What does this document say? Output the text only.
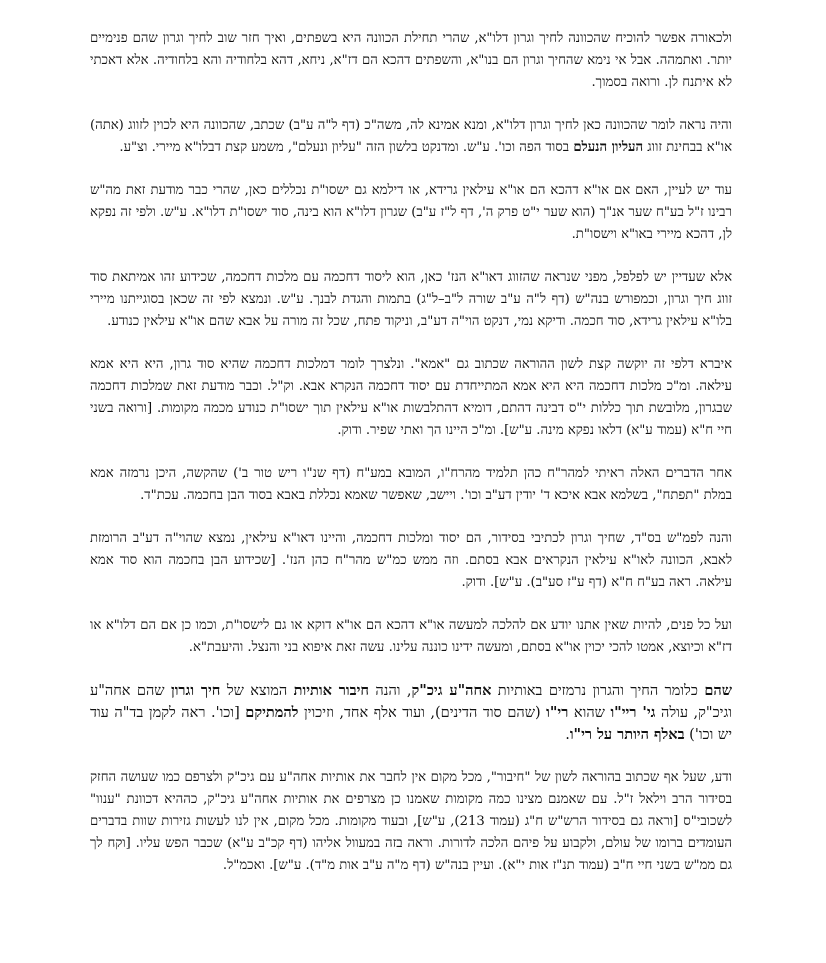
ולכאורה אפשר להוכיח שהכוונה לחיך וגרון דלו"א, שהרי תחילת הכוונה היא בשפתים, ואיך חזר שוב לחיך וגרון שהם פנימיים יותר. ואתמהה. אבל אי נימא שהחיך וגרון הם בנו"א, והשפתים דהכא הם דז"א, ניחא, דהא בלחודיה והא בלחודיה. אלא דאכתי לא איתנח לן. ורואה בסמוך.

והיה נראה לומר שהכוונה כאן לחיך וגרון דלו"א, ומנא אמינא לה, משה"כ (דף ל"ה ע"ב) שכתב, שהכוונה היא לכוין לזווג (אתה) או"א בבחינת זווג העליון הנעלם בסוד הפה וכו'. ע"ש. ומדנקט בלשון הזה "עליון ונעלם", משמע קצת דבלו"א מיירי. וצ"ע.

עוד יש לעיין, האם אם או"א דהכא הם או"א עילאין גרידא, או דילמא גם ישסו"ת נכללים כאן, שהרי כבר מודעת זאת מה"ש רבינו ז"ל בע"ח שער אנ"ך (הוא שער י"ט פרק ה', דף ל"ז ע"ב) שגרון דלו"א הוא בינה, סוד ישסו"ת דלו"א. ע"ש. ולפי זה נפקא לן, דהכא מיירי באו"א וישסו"ת.

אלא שעדיין יש לפלפל, מפני שנראה שהזווג דאו"א הנז' כאן, הוא ליסוד דחכמה עם מלכות דחכמה, שכידוע זהו אמיתאת סוד זווג חיך וגרון, וכמפורש בנה"ש (דף ל"ה ע"ב שורה ל"ב–ל"ג) בתמות והגדת לבנך. ע"ש. ונמצא לפי זה שכאן בסוגייתנו מיירי בלו"א עילאין גרידא, סוד חכמה. ודיקא נמי, דנקט הוי"ה דע"ב, וניקוד פתח, שכל זה מורה על אבא שהם או"א עילאין כנודע.

איברא דלפי זה יוקשה קצת לשון ההוראה שכתוב גם "אמא". ונלצרך לומר דמלכות דחכמה שהיא סוד גרון, היא היא אמא עילאה. ומ"כ מלכות דחכמה היא היא אמא המתייחדת עם יסוד דחכמה הנקרא אבא. וק"ל. וכבר מודעת זאת שמלכות דחכמה שבגרון, מלובשת תוך כללות י"ס דבינה דהתם, דומיא דהתלבשות או"א עילאין תוך ישסו"ת כנודע מכמה מקומות. [ורואה בשני חיי ח"א (עמוד ע"א) דלאו נפקא מינה. ע"ש]. ומ"כ היינו הך ואתי שפיר. ודוק.

אחר הדברים האלה ראיתי למהר"ח כהן תלמיד מהרח"ו, המובא במע"ח (דף שנ"ו ריש טור ב') שהקשה, היכן נרמזה אמא במלת "תפתח", בשלמא אבא איכא ד' יודין דע"ב וכו'. ויישב, שאפשר שאמא נכללת באבא בסוד הבן בחכמה. עכת"ד.

והנה לפמ"ש בס"ד, שחיך וגרון לכתיבי בסידור, הם יסוד ומלכות דחכמה, והיינו דאו"א עילאין, נמצא שהוי"ה דע"ב הרומזת לאבא, הכוונה לאו"א עילאין הנקראים אבא בסתם. וזה ממש כמ"ש מהר"ח כהן הנז'. [שכידוע הבן בחכמה הוא סוד אמא עילאה. ראה בע"ח ח"א (דף ע"ז סע"ב). ע"ש]. ודוק.

ועל כל פנים, להיות שאין אתנו יודע אם להלכה למעשה או"א דהכא הם או"א דוקא או גם לישסו"ת, וכמו כן אם הם דלו"א או דז"א וכיוצא, אמטו להכי יכוין או"א בסתם, ומעשה ידינו כוננה עלינו. עשה זאת איפוא בני והנצל. והיעבת"א.

שהם כלומר החיך והגרון נרמזים באותיות אחה"ע גיכ"ק, והנה חיבור אותיות המוצא של חיך וגרון שהם אחה"ע וגיכ"ק, עולה גי' ריי"ו שהוא רי"ו (שהם סוד הדינים), ועוד אלף אחד, וזיכוין להמתיקם [וכו'. ראה לקמן בד"ה עוד יש וכו') באלף היותר על רי"ו.

ודע, שעל אף שכתוב בהוראה לשון של "חיבור", מכל מקום אין לחבר את אותיות אחה"ע עם גיכ"ק ולצרפם כמו שעושה החזק בסידור הרב וילאל ז"ל. עם שאמנם מצינו כמה מקומות שאמנו כן מצרפים את אותיות אחה"ע גיכ"ק, כההיא דכוונת "ענוו" לשכובי"ס [וראה גם בסידור הרש"ש ח"ג (עמוד 213), ע"ש], ובעוד מקומות. מכל מקום, אין לנו לעשות גזירות שוות בדברים העומדים ברומו של עולם, ולקבוע על פיהם הלכה לדורות. וראה בזה במעוול אליהו (דף קכ"ב ע"א) שכבר הפש עליו. [וקח לך גם ממ"ש בשני חיי ח"ב (עמוד תנ"ז אות י"א). ועיין בנה"ש (דף מ"ה ע"ב אות מ"ד). ע"ש]. ואכמ"ל.
